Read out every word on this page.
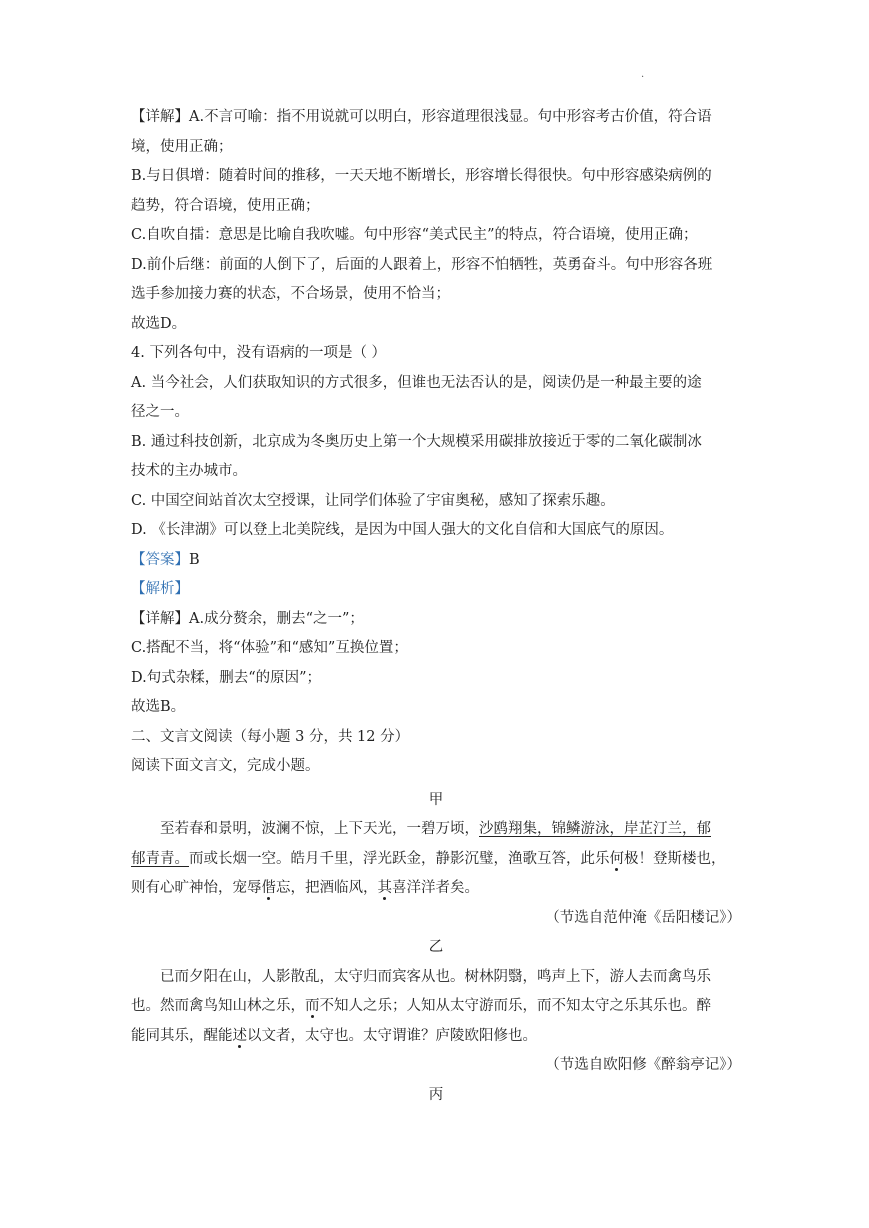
.
【详解】A.不言可喻：指不用说就可以明白，形容道理很浅显。句中形容考古价值，符合语
境，使用正确；
B.与日俱增：随着时间的推移，一天天地不断增长，形容增长得很快。句中形容感染病例的
趋势，符合语境，使用正确；
C.自吹自擂：意思是比喻自我吹嘘。句中形容“美式民主”的特点，符合语境，使用正确；
D.前仆后继：前面的人倒下了，后面的人跟着上，形容不怕牺牲，英勇奋斗。句中形容各班
选手参加接力赛的状态，不合场景，使用不恰当；
故选D。
4. 下列各句中，没有语病的一项是（ ）
A. 当今社会，人们获取知识的方式很多，但谁也无法否认的是，阅读仍是一种最主要的途
径之一。
B. 通过科技创新，北京成为冬奥历史上第一个大规模采用碳排放接近于零的二氧化碳制冰
技术的主办城市。
C. 中国空间站首次太空授课，让同学们体验了宇宙奥秘，感知了探索乐趣。
D. 《长津湖》可以登上北美院线，是因为中国人强大的文化自信和大国底气的原因。
【答案】B
【解析】
【详解】A.成分赘余，删去“之一”；
C.搭配不当，将“体验”和“感知”互换位置；
D.句式杂糅，删去“的原因”；
故选B。
二、文言文阅读（每小题 3 分，共 12 分）
阅读下面文言文，完成小题。
甲
至若春和景明，波澜不惊，上下天光，一碧万顷，沙鸥翔集，锦鳞游泳，岸芷汀兰，郁
郁青青。而或长烟一空。皓月千里，浮光跃金，静影沉璧，渔歌互答，此乐何极！登斯楼也，
则有心旷神怡，宠辱偕忘，把酒临风，其喜洋洋者矣。
（节选自范仲淹《岳阳楼记》）
乙
已而夕阳在山，人影散乱，太守归而宾客从也。树林阴翳，鸣声上下，游人去而禽鸟乐
也。然而禽鸟知山林之乐，而不知人之乐；人知从太守游而乐，而不知太守之乐其乐也。醉
能同其乐，醒能述以文者，太守也。太守谓谁？庐陵欧阳修也。
（节选自欧阳修《醉翁亭记》）
丙
